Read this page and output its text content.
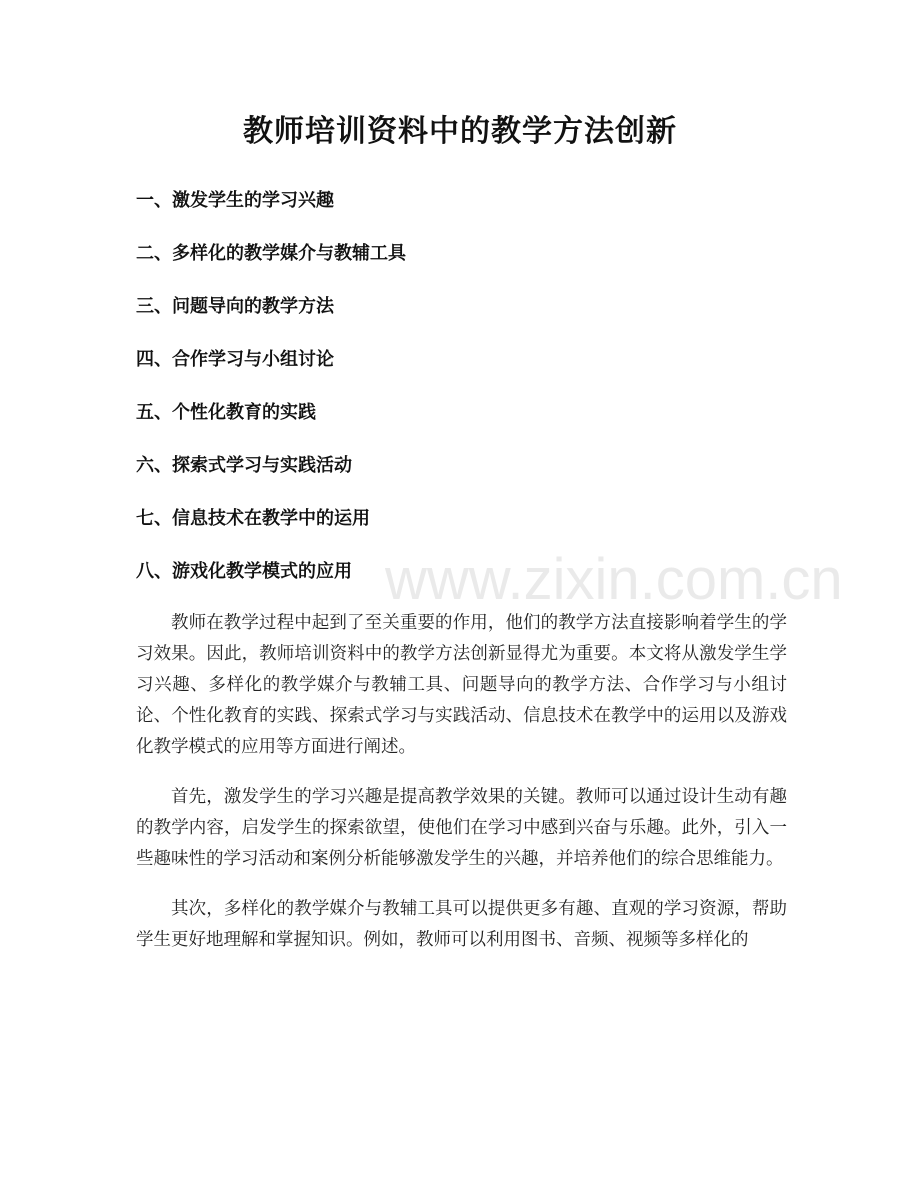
教师培训资料中的教学方法创新
一、激发学生的学习兴趣
二、多样化的教学媒介与教辅工具
三、问题导向的教学方法
四、合作学习与小组讨论
五、个性化教育的实践
六、探索式学习与实践活动
七、信息技术在教学中的运用
八、游戏化教学模式的应用

教师在教学过程中起到了至关重要的作用，他们的教学方法直接影响着学生的学习效果。因此，教师培训资料中的教学方法创新显得尤为重要。本文将从激发学生学习兴趣、多样化的教学媒介与教辅工具、问题导向的教学方法、合作学习与小组讨论、个性化教育的实践、探索式学习与实践活动、信息技术在教学中的运用以及游戏化教学模式的应用等方面进行阐述。

首先，激发学生的学习兴趣是提高教学效果的关键。教师可以通过设计生动有趣的教学内容，启发学生的探索欲望，使他们在学习中感到兴奋与乐趣。此外，引入一些趣味性的学习活动和案例分析能够激发学生的兴趣，并培养他们的综合思维能力。

其次，多样化的教学媒介与教辅工具可以提供更多有趣、直观的学习资源，帮助学生更好地理解和掌握知识。例如，教师可以利用图书、音频、视频等多样化的

www.zixin.com.cn
